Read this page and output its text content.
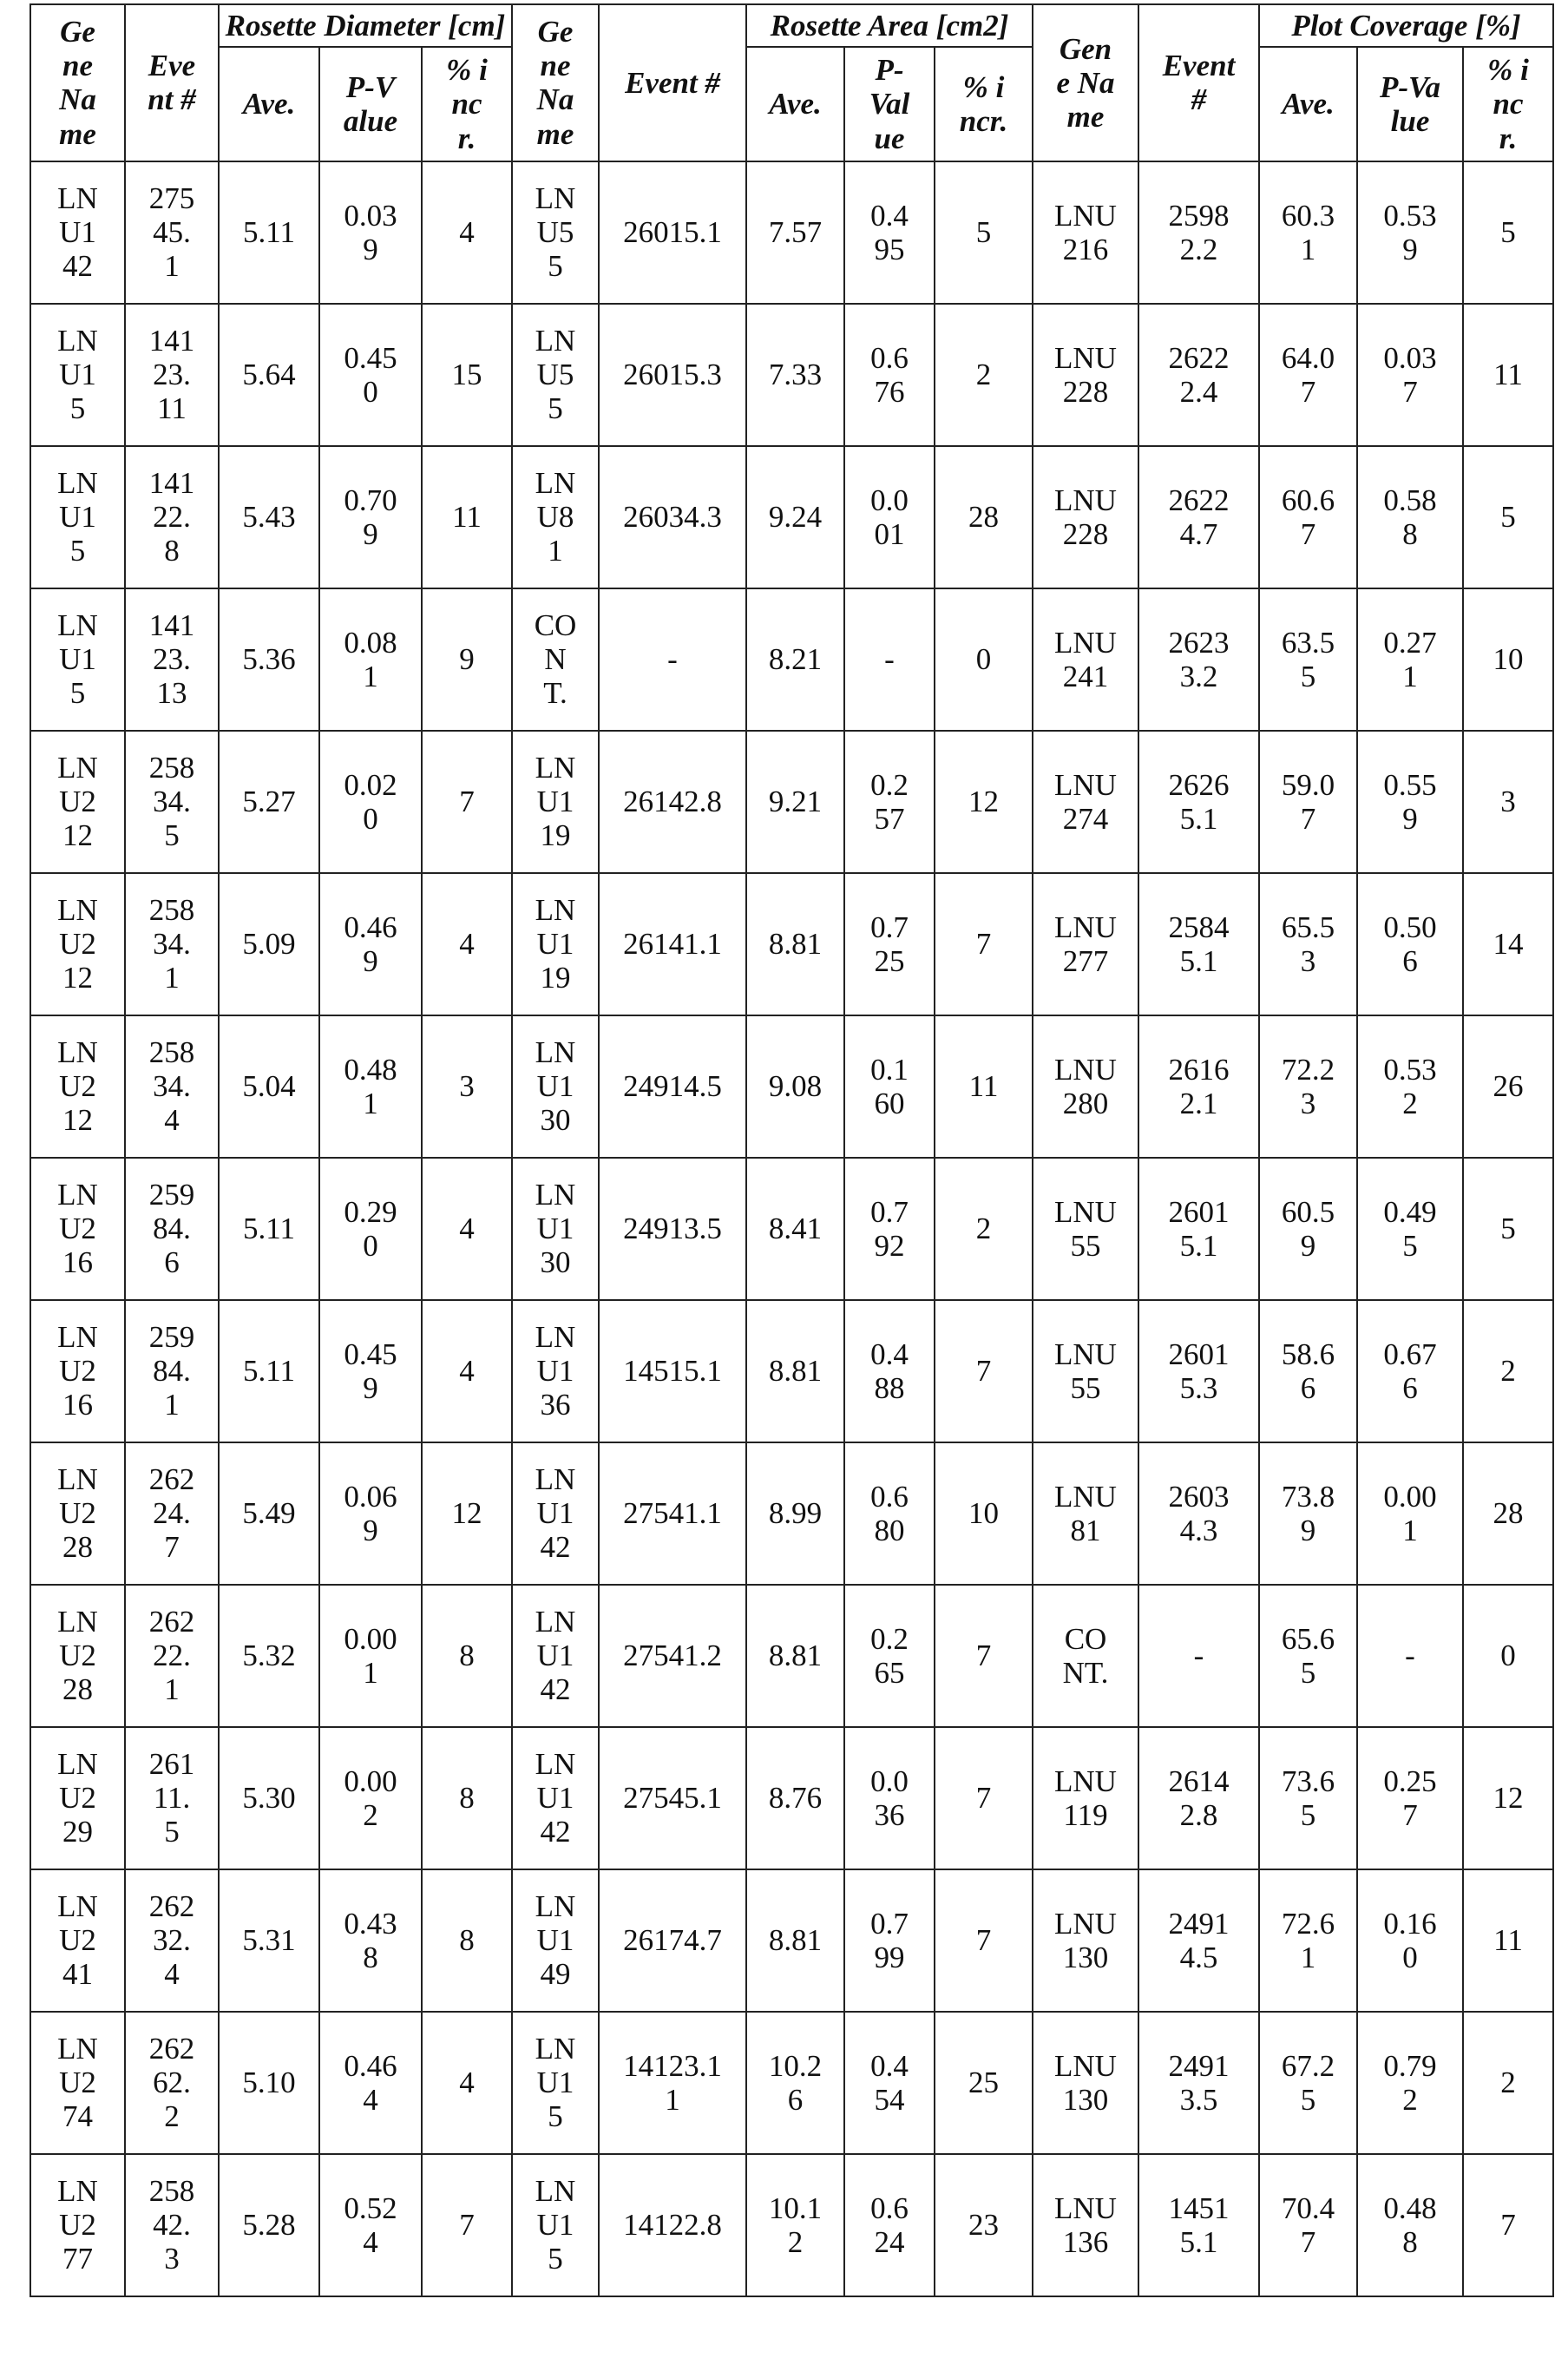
Gene Name	Event #	Rosette Diameter [cm]	Gene Name	Event #	Rosette Area [cm2]	Gene Name	Event #	Plot Coverage [%]
Ave.	P-Value	% incr.	Ave.	P-Value	% incr.	Ave.	P-Value	% incr.
LNU142	27545.1	5.11	0.039	4	LNU55	26015.1	7.57	0.495	5	LNU216	25982.2	60.31	0.539	5
LNU15	14123.11	5.64	0.450	15	LNU55	26015.3	7.33	0.676	2	LNU228	26222.4	64.07	0.037	11
LNU15	14122.8	5.43	0.709	11	LNU81	26034.3	9.24	0.001	28	LNU228	26224.7	60.67	0.588	5
LNU15	14123.13	5.36	0.081	9	CONT.	-	8.21	-	0	LNU241	26233.2	63.55	0.271	10
LNU212	25834.5	5.27	0.020	7	LNU119	26142.8	9.21	0.257	12	LNU274	26265.1	59.07	0.559	3
LNU212	25834.1	5.09	0.469	4	LNU119	26141.1	8.81	0.725	7	LNU277	25845.1	65.53	0.506	14
LNU212	25834.4	5.04	0.481	3	LNU130	24914.5	9.08	0.160	11	LNU280	26162.1	72.23	0.532	26
LNU216	25984.6	5.11	0.290	4	LNU130	24913.5	8.41	0.792	2	LNU55	26015.1	60.59	0.495	5
LNU216	25984.1	5.11	0.459	4	LNU136	14515.1	8.81	0.488	7	LNU55	26015.3	58.66	0.676	2
LNU228	26224.7	5.49	0.069	12	LNU142	27541.1	8.99	0.680	10	LNU81	26034.3	73.89	0.001	28
LNU228	26222.1	5.32	0.001	8	LNU142	27541.2	8.81	0.265	7	CONT.	-	65.65	-	0
LNU229	26111.5	5.30	0.002	8	LNU142	27545.1	8.76	0.036	7	LNU119	26142.8	73.65	0.257	12
LNU241	26232.4	5.31	0.438	8	LNU149	26174.7	8.81	0.799	7	LNU130	24914.5	72.61	0.160	11
LNU274	26262.2	5.10	0.464	4	LNU15	14123.11	10.26	0.454	25	LNU130	24913.5	67.25	0.792	2
LNU277	25842.3	5.28	0.524	7	LNU15	14122.8	10.12	0.624	23	LNU136	14515.1	70.47	0.488	7
